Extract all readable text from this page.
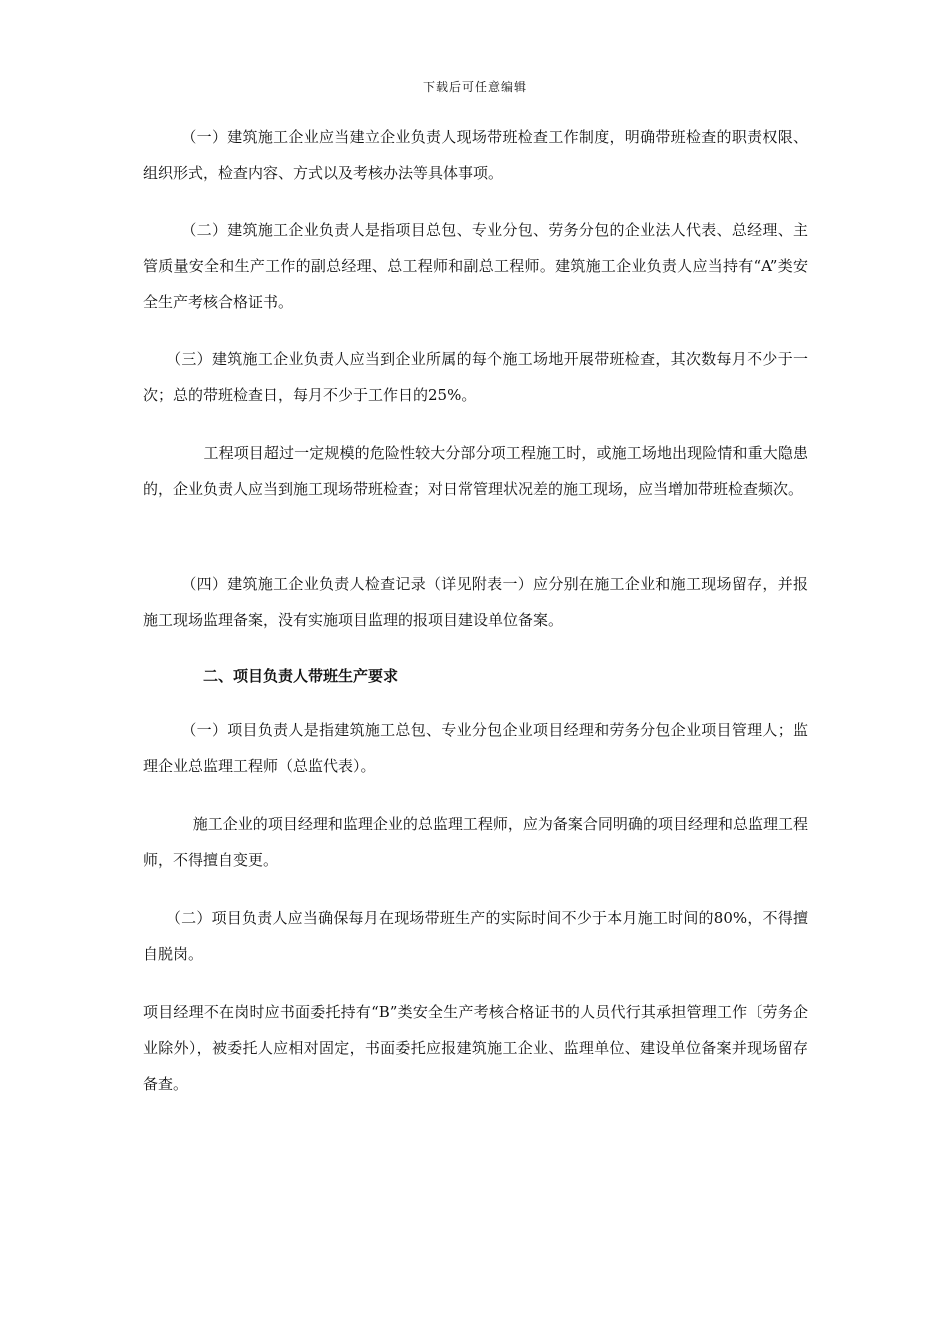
下载后可任意编辑

　　　（一）建筑施工企业应当建立企业负责人现场带班检查工作制度，明确带班检查的职责权限、组织形式，检查内容、方式以及考核办法等具体事项。

　　　（二）建筑施工企业负责人是指项目总包、专业分包、劳务分包的企业法人代表、总经理、主管质量安全和生产工作的副总经理、总工程师和副总工程师。建筑施工企业负责人应当持有“A”类安全生产考核合格证书。

　　（三）建筑施工企业负责人应当到企业所属的每个施工场地开展带班检查，其次数每月不少于一次；总的带班检查日，每月不少于工作日的25%。

　　　　工程项目超过一定规模的危险性较大分部分项工程施工时，或施工场地出现险情和重大隐患的，企业负责人应当到施工现场带班检查；对日常管理状况差的施工现场，应当增加带班检查频次。

　　　（四）建筑施工企业负责人检查记录（详见附表一）应分别在施工企业和施工现场留存，并报施工现场监理备案，没有实施项目监理的报项目建设单位备案。

二、项目负责人带班生产要求

　　　（一）项目负责人是指建筑施工总包、专业分包企业项目经理和劳务分包企业项目管理人；监理企业总监理工程师（总监代表）。

　　　 施工企业的项目经理和监理企业的总监理工程师，应为备案合同明确的项目经理和总监理工程师，不得擅自变更。

　　（二）项目负责人应当确保每月在现场带班生产的实际时间不少于本月施工时间的80%，不得擅自脱岗。

项目经理不在岗时应书面委托持有“B”类安全生产考核合格证书的人员代行其承担管理工作〔劳务企业除外），被委托人应相对固定，书面委托应报建筑施工企业、监理单位、建设单位备案并现场留存备查。
